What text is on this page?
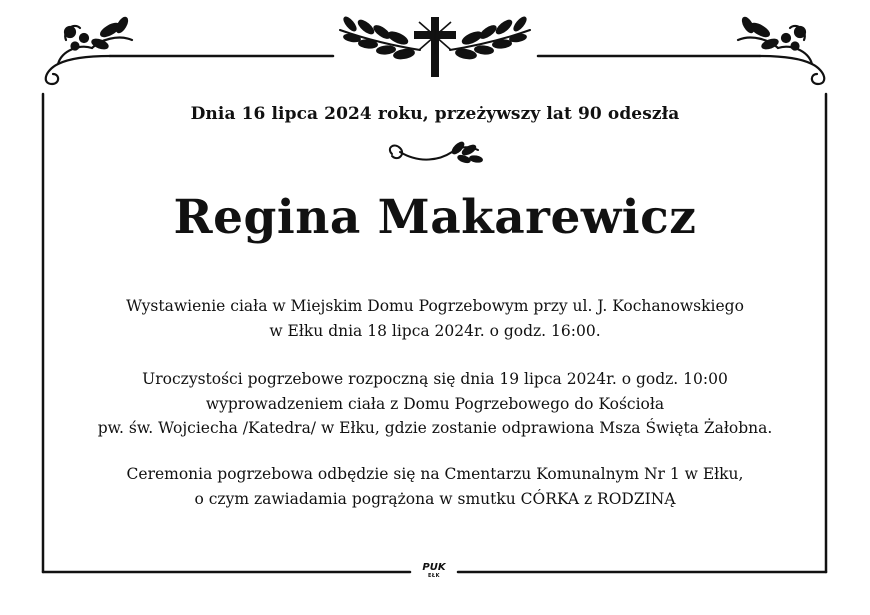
Dnia 16 lipca 2024 roku, przeżywszy lat 90 odeszła

Regina Makarewicz
Wystawienie ciała w Miejskim Domu Pogrzebowym przy ul. J. Kochanowskiego
w Ełku dnia 18 lipca 2024r. o godz. 16:00.
Uroczystości pogrzebowe rozpoczną się dnia 19 lipca 2024r. o godz. 10:00
wyprowadzeniem ciała z Domu Pogrzebowego do Kościoła
pw. św. Wojciecha /Katedra/ w Ełku, gdzie zostanie odprawiona Msza Święta Żałobna.
Ceremonia pogrzebowa odbędzie się na Cmentarzu Komunalnym Nr 1 w Ełku,
o czym zawiadamia pogrążona w smutku CÓRKA z RODZINĄ
PUK
EŁK
